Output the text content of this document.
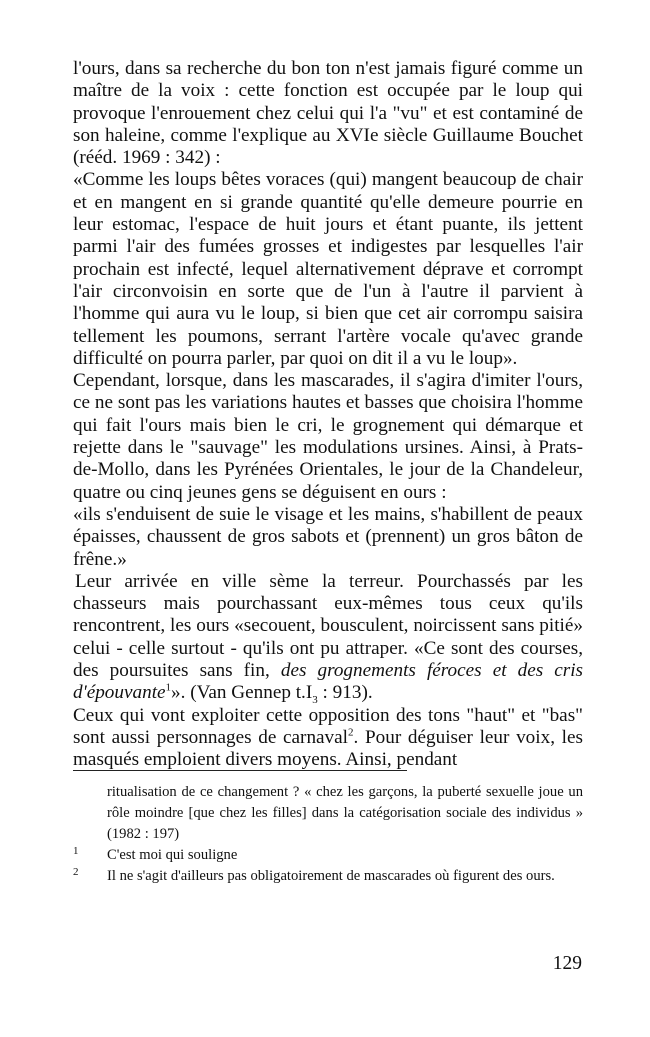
l'ours, dans sa recherche du bon ton n'est jamais figuré comme un maître de la voix : cette fonction est occupée par le loup qui provoque l'enrouement chez celui qui l'a "vu" et est contaminé de son haleine, comme l'explique au XVIe siècle Guillaume Bouchet (rééd. 1969 : 342) :

«Comme les loups bêtes voraces (qui) mangent beaucoup de chair et en mangent en si grande quantité qu'elle demeure pourrie en leur estomac, l'espace de huit jours et étant puante, ils jettent parmi l'air des fumées grosses et indigestes par lesquelles l'air prochain est infecté, lequel alternativement déprave et corrompt l'air circonvoisin en sorte que de l'un à l'autre il parvient à l'homme qui aura vu le loup, si bien que cet air corrompu saisira tellement les poumons, serrant l'artère vocale qu'avec grande difficulté on pourra parler, par quoi on dit il a vu le loup».

Cependant, lorsque, dans les mascarades, il s'agira d'imiter l'ours, ce ne sont pas les variations hautes et basses que choisira l'homme qui fait l'ours mais bien le cri, le grognement qui démarque et rejette dans le "sauvage" les modulations ursines. Ainsi, à Prats-de-Mollo, dans les Pyrénées Orientales, le jour de la Chandeleur, quatre ou cinq jeunes gens se déguisent en ours :

«ils s'enduisent de suie le visage et les mains, s'habillent de peaux épaisses, chaussent de gros sabots et (prennent) un gros bâton de frêne.»

Leur arrivée en ville sème la terreur. Pourchassés par les chasseurs mais pourchassant eux-mêmes tous ceux qu'ils rencontrent, les ours «secouent, bousculent, noircissent sans pitié» celui - celle surtout - qu'ils ont pu attraper. «Ce sont des courses, des poursuites sans fin, des grognements féroces et des cris d'épouvante$^1$». (Van Gennep $t.I_3$ : 913).

Ceux qui vont exploiter cette opposition des tons "haut" et "bas" sont aussi personnages de carnaval$^2$. Pour déguiser leur voix, les masqués emploient divers moyens. Ainsi, pendant

ritualisation de ce changement ? « chez les garçons, la puberté sexuelle joue un rôle moindre [que chez les filles] dans la catégorisation sociale des individus » (1982 : 197)

1 C'est moi qui souligne

2 Il ne s'agit d'ailleurs pas obligatoirement de mascarades où figurent des ours.

129
